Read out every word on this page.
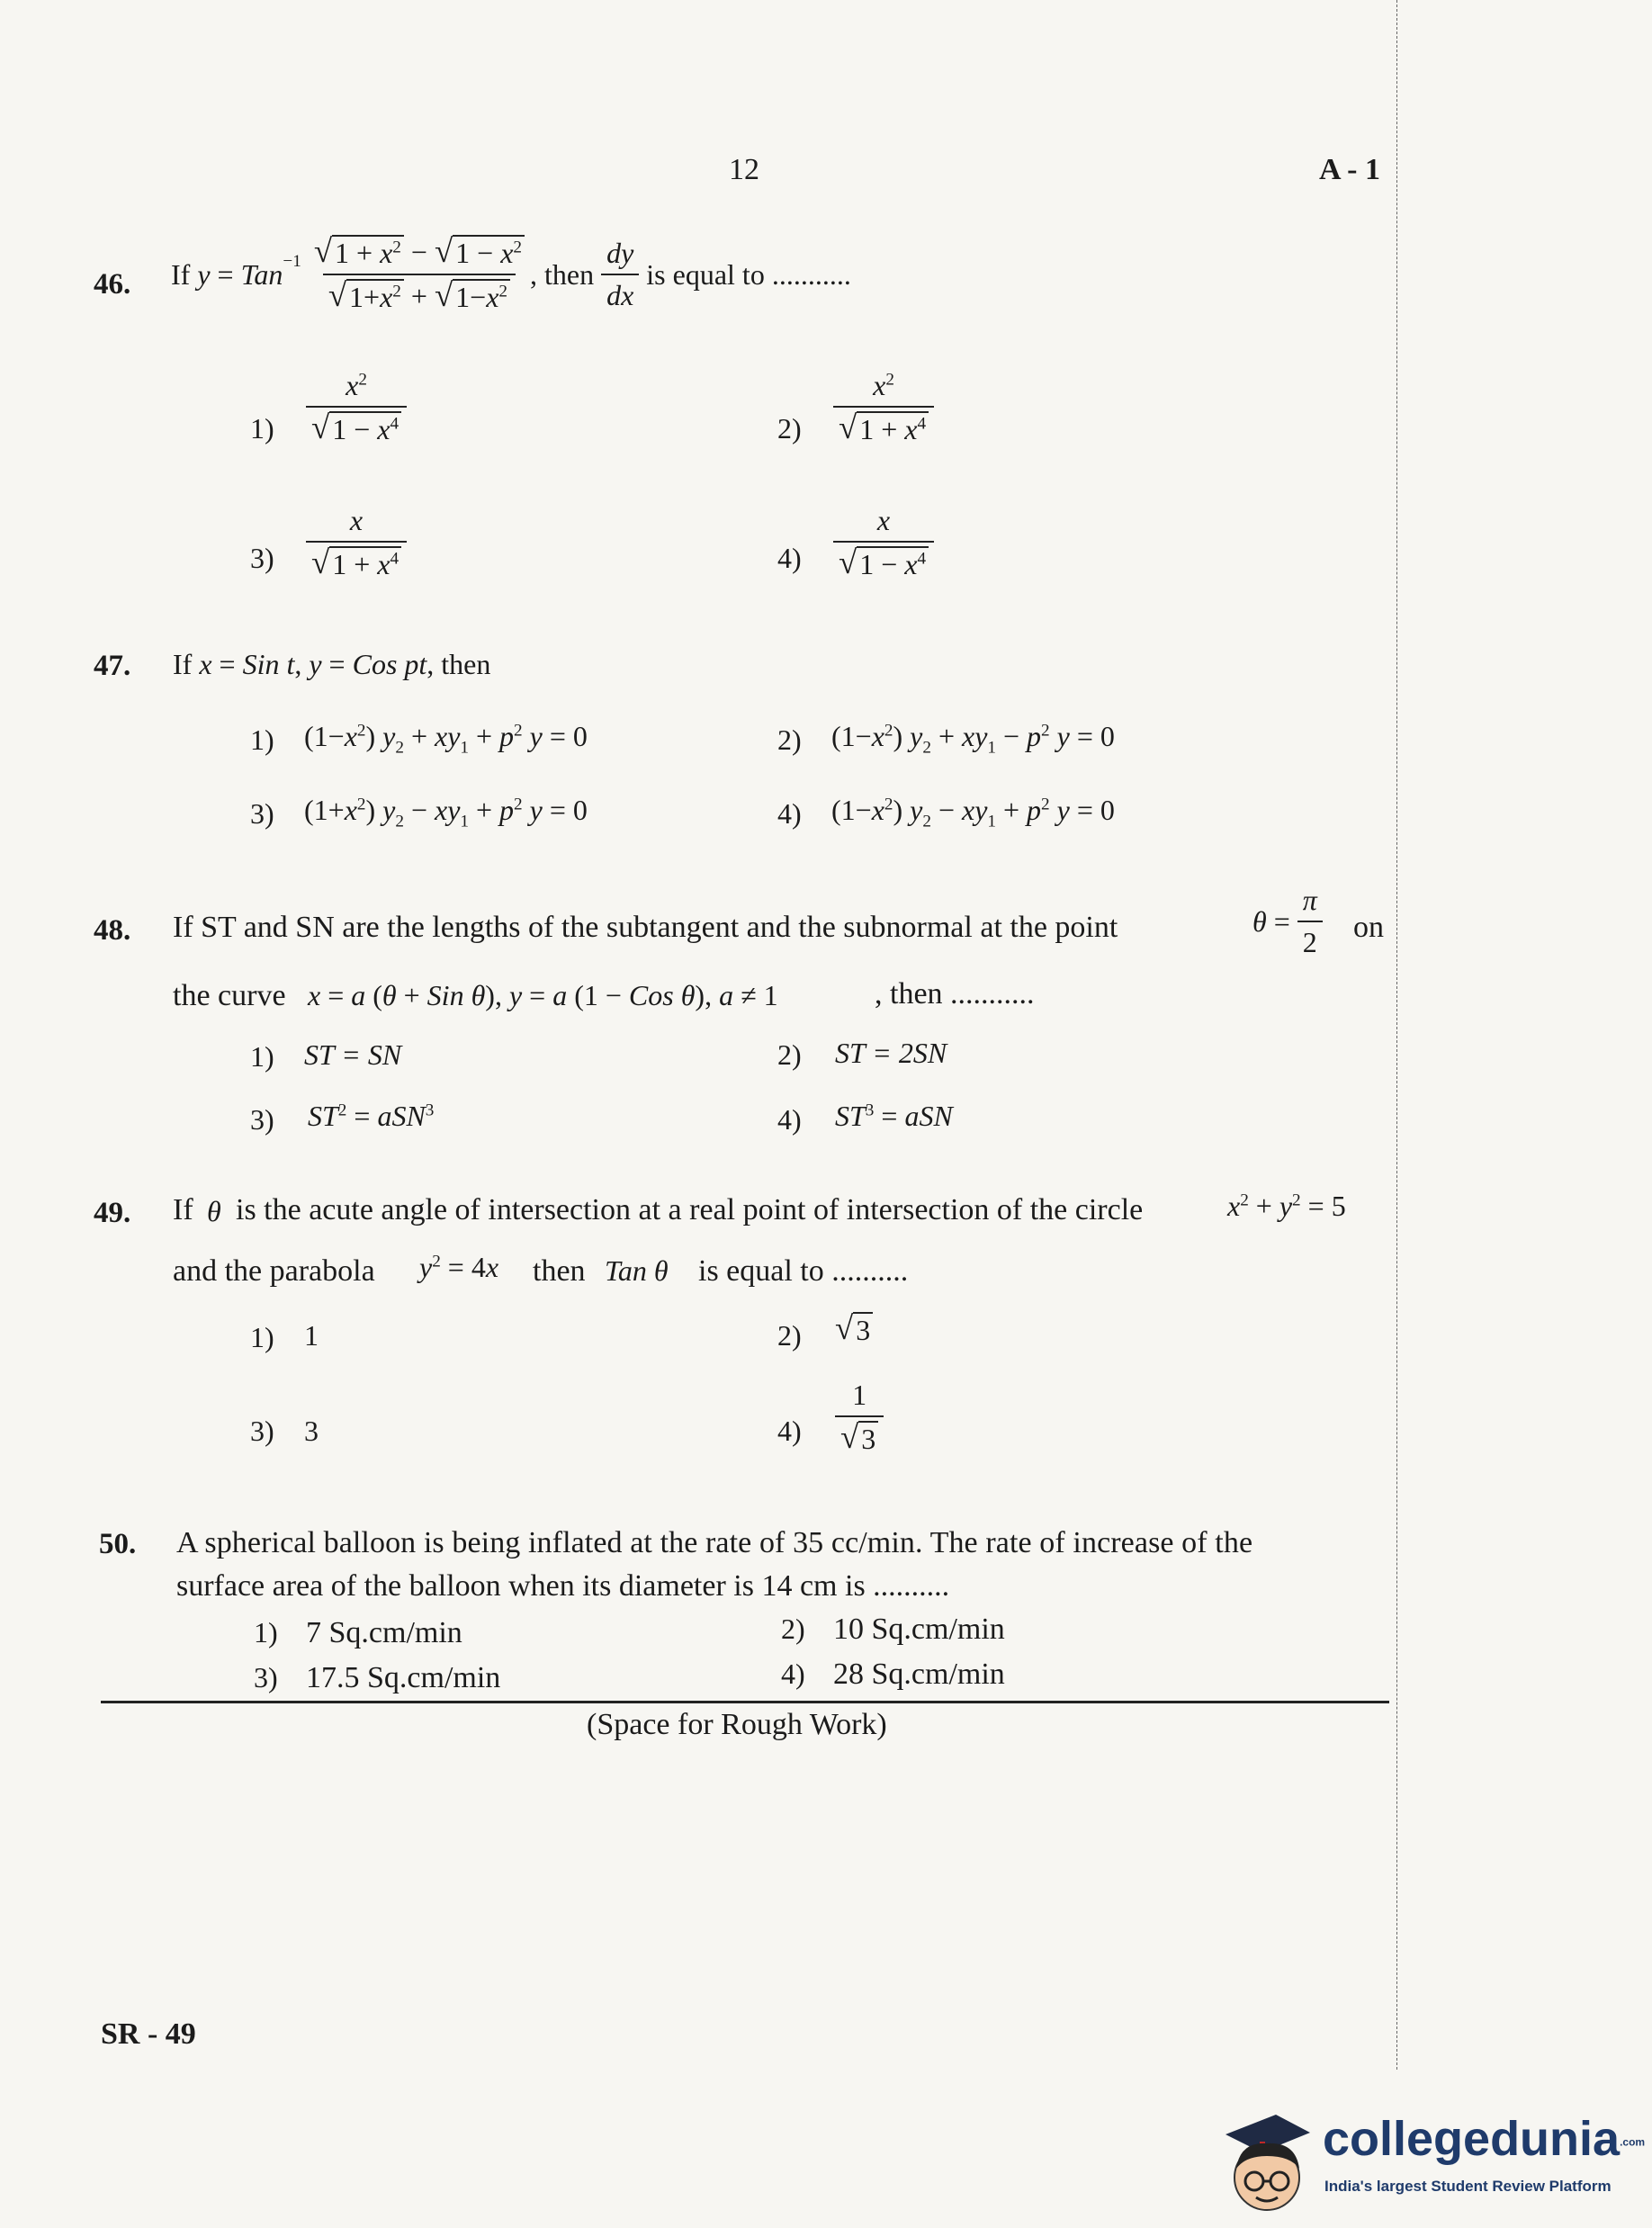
12	A - 1
46. If
y = Tan$^{-1}$
$\frac{√ 1 + x^2 - √ 1 - x^2}{√ 1+x^2 + √ 1-x^2}$ , then
$\frac{dy}{dx}$
is equal to ...........
$1) \frac{x^2}{√ 1 - x^4}$	$2) \frac{x^2}{√ 1 + x^4}$
$3) \frac{x}{√ 1 + x^4}$	$4) \frac{x}{√ 1 - x^4}$
47. If x = Sin t, y = Cos pt, then
1) $(1-x^2) y_2 + xy_1 + p^2$ y = 0	2) $(1-x^2) y_2 + xy_1 - p^2$ y = 0
3) $(1+x^2) y_2 - xy_1 + p^2$ y = 0	4) $(1-x^2) y_2 - xy_1 + p^2$ y = 0
48. If ST and SN are the lengths of the subtangent and the subnormal at the point	$\theta = \frac{\pi}{2}$ on
the curve x = a (θ + Sin θ), y = a (1 − Cos θ), a ≠ 1	, then ...........
1) ST = SN	2) ST = 2SN
3) $ST^2 = aSN^3$	4) $ST^3$ = aSN
49. If θ is the acute angle of intersection at a real point of intersection of the circle	$x^2 + y^2 = 5$
and the parabola $y^2 = 4x$ then Tan θ is equal to ..........
1) 1	2) √ 3
3) 3	$4) \frac{1}{√ 3}$
50. A spherical balloon is being inflated at the rate of 35 cc/min. The rate of increase of the
surface area of the balloon when its diameter is 14 cm is ..........
1) 7 Sq.cm/min	2) 10 Sq.cm/min
3) 17.5 Sq.cm/min	4) 28 Sq.cm/min
(Space for Rough Work)
SR - 49
collegedunia.com
India's largest Student Review Platform
